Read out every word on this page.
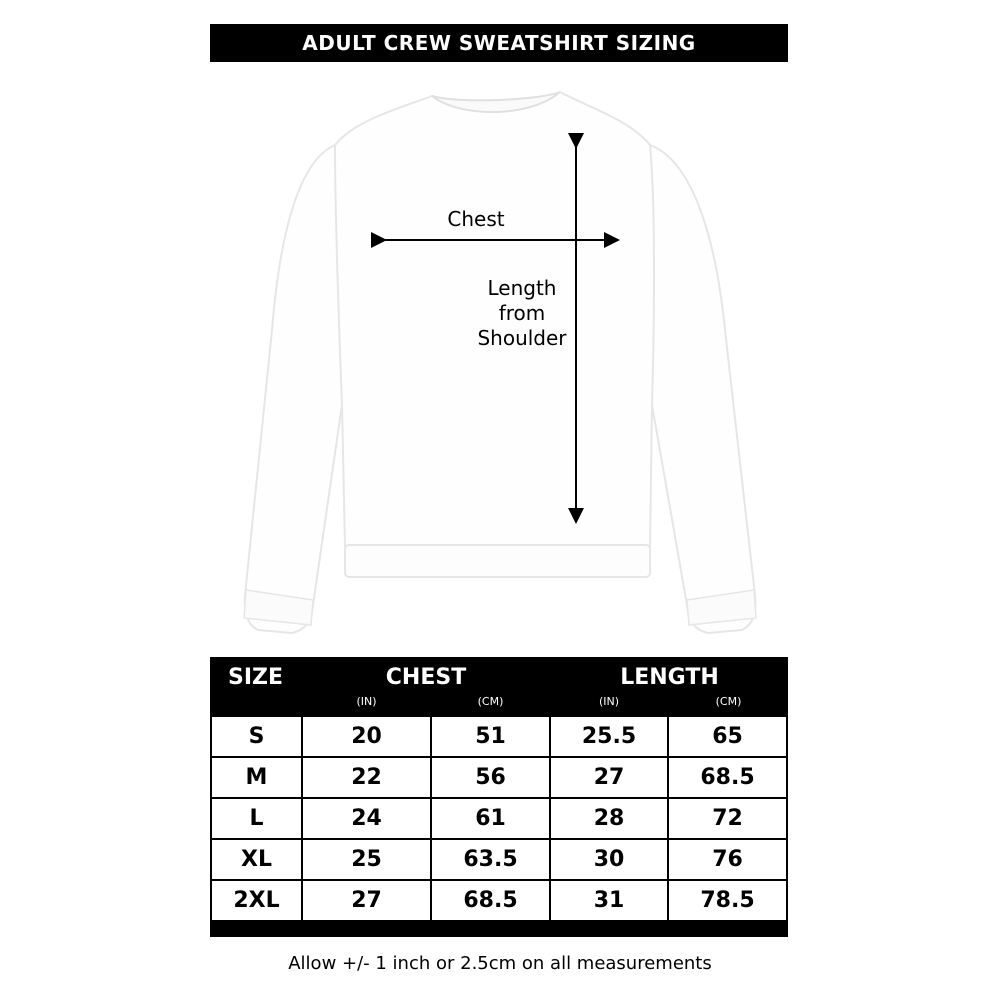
ADULT CREW SWEATSHIRT SIZING
Chest
Length
from
Shoulder
SIZE	CHEST	LENGTH
(IN)	(CM)	(IN)	(CM)
S	20	51	25.5	65
M	22	56	27	68.5
L	24	61	28	72
XL	25	63.5	30	76
2XL	27	68.5	31	78.5
Allow +/- 1 inch or 2.5cm on all measurements
